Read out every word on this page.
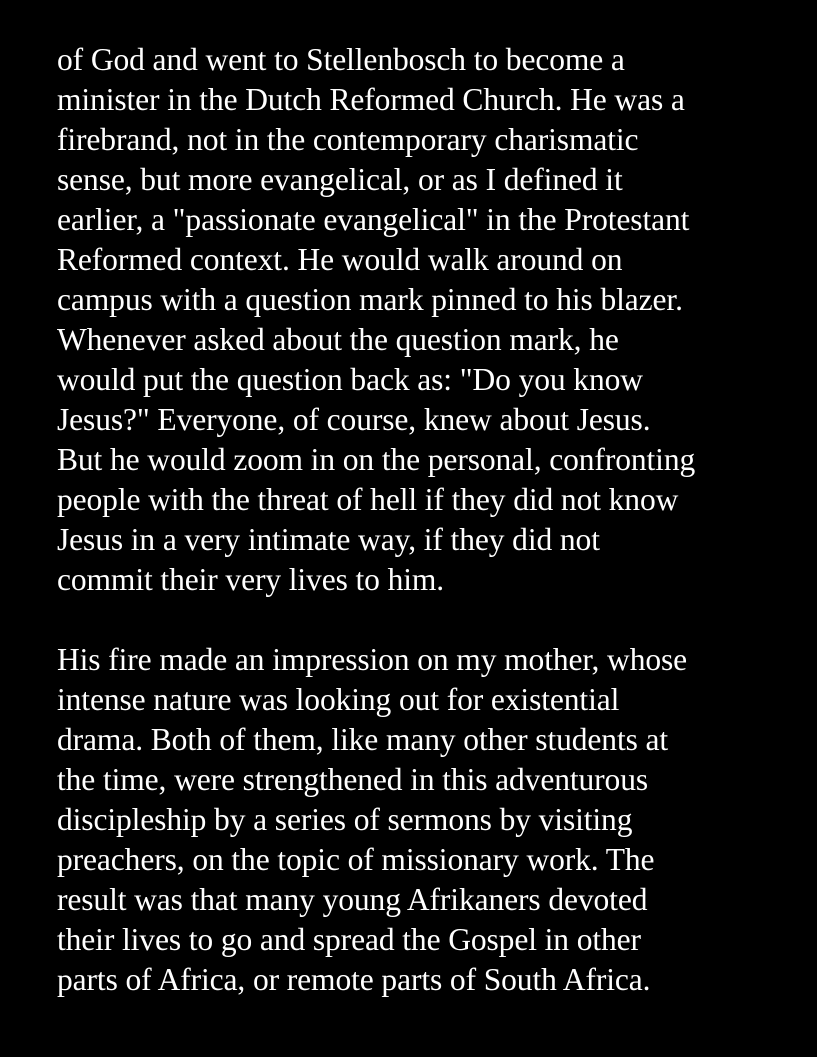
of God and went to Stellenbosch to become a
minister in the Dutch Reformed Church. He was a
firebrand, not in the contemporary charismatic
sense, but more evangelical, or as I defined it
earlier, a "passionate evangelical" in the Protestant
Reformed context. He would walk around on
campus with a question mark pinned to his blazer.
Whenever asked about the question mark, he
would put the question back as: "Do you know
Jesus?" Everyone, of course, knew about Jesus.
But he would zoom in on the personal, confronting
people with the threat of hell if they did not know
Jesus in a very intimate way, if they did not
commit their very lives to him.
His fire made an impression on my mother, whose
intense nature was looking out for existential
drama. Both of them, like many other students at
the time, were strengthened in this adventurous
discipleship by a series of sermons by visiting
preachers, on the topic of missionary work. The
result was that many young Afrikaners devoted
their lives to go and spread the Gospel in other
parts of Africa, or remote parts of South Africa.
